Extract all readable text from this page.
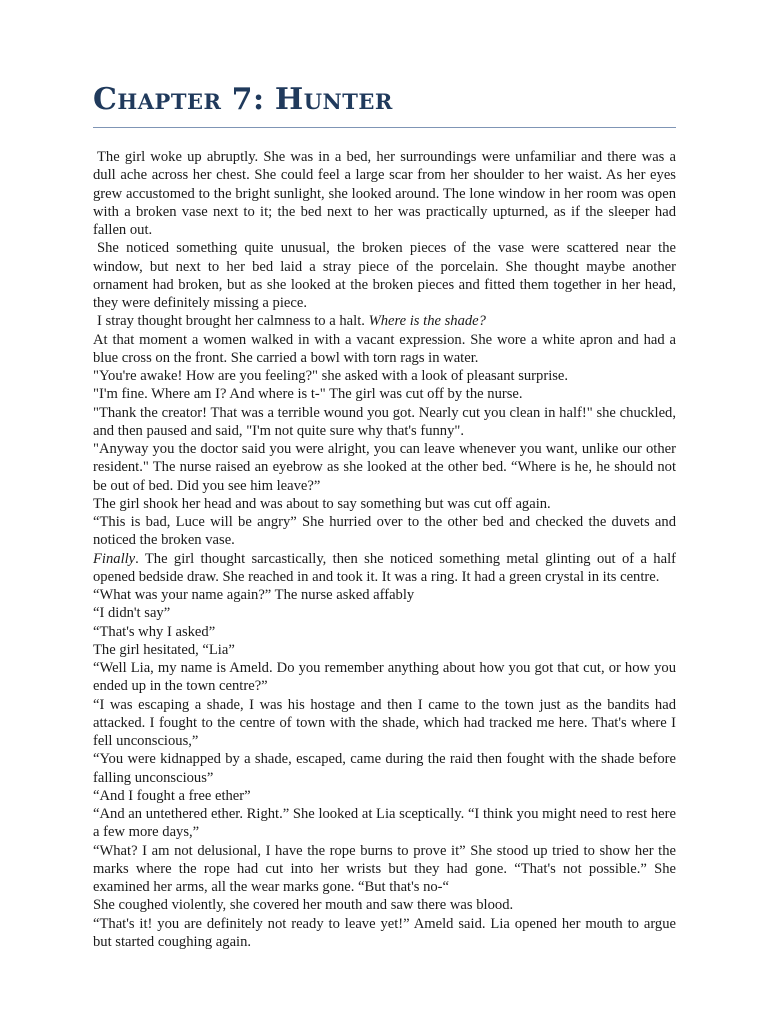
CHAPTER 7: HUNTER

The girl woke up abruptly. She was in a bed, her surroundings were unfamiliar and there was a dull ache across her chest. She could feel a large scar from her shoulder to her waist. As her eyes grew accustomed to the bright sunlight, she looked around. The lone window in her room was open with a broken vase next to it; the bed next to her was practically upturned, as if the sleeper had fallen out.

She noticed something quite unusual, the broken pieces of the vase were scattered near the window, but next to her bed laid a stray piece of the porcelain. She thought maybe another ornament had broken, but as she looked at the broken pieces and fitted them together in her head, they were definitely missing a piece.

I stray thought brought her calmness to a halt. Where is the shade?

At that moment a women walked in with a vacant expression. She wore a white apron and had a blue cross on the front. She carried a bowl with torn rags in water.

"You're awake! How are you feeling?" she asked with a look of pleasant surprise.

"I'm fine. Where am I? And where is t-" The girl was cut off by the nurse.

"Thank the creator! That was a terrible wound you got. Nearly cut you clean in half!" she chuckled, and then paused and said, "I'm not quite sure why that's funny".

"Anyway you the doctor said you were alright, you can leave whenever you want, unlike our other resident." The nurse raised an eyebrow as she looked at the other bed. “Where is he, he should not be out of bed. Did you see him leave?”

The girl shook her head and was about to say something but was cut off again.

“This is bad, Luce will be angry” She hurried over to the other bed and checked the duvets and noticed the broken vase.

Finally. The girl thought sarcastically, then she noticed something metal glinting out of a half opened bedside draw. She reached in and took it. It was a ring. It had a green crystal in its centre.

“What was your name again?” The nurse asked affably

“I didn't say”

“That's why I asked”

The girl hesitated, “Lia”

“Well Lia, my name is Ameld. Do you remember anything about how you got that cut, or how you ended up in the town centre?”

“I was escaping a shade, I was his hostage and then I came to the town just as the bandits had attacked. I fought to the centre of town with the shade, which had tracked me here. That's where I fell unconscious,”

“You were kidnapped by a shade, escaped, came during the raid then fought with the shade before falling unconscious”

“And I fought a free ether”

“And an untethered ether. Right.” She looked at Lia sceptically. “I think you might need to rest here a few more days,”

“What? I am not delusional, I have the rope burns to prove it” She stood up tried to show her the marks where the rope had cut into her wrists but they had gone. “That's not possible.” She examined her arms, all the wear marks gone. “But that's no-“

She coughed violently, she covered her mouth and saw there was blood.

“That's it! you are definitely not ready to leave yet!” Ameld said. Lia opened her mouth to argue but started coughing again.
